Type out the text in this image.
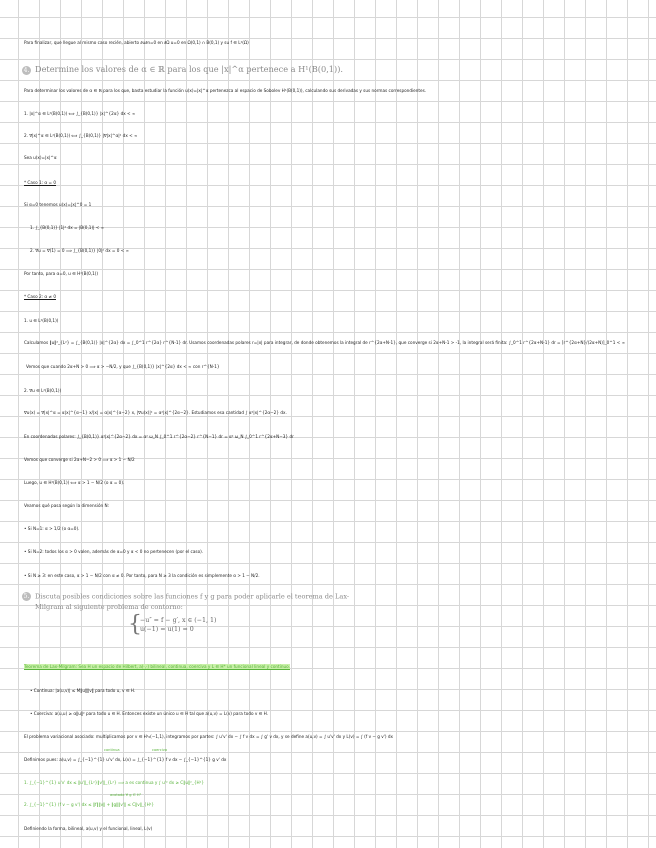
Para finalizar, que llegue al mismo caso recién, abierto ∂u∂n=0 en ∂Ω u=0 en Ω(0,1) ∩ B(0,1) y su f ∈ L²(Ω)
4. Determine los valores de α ∈ ℝ para los que |x|^α pertenece a H¹(B(0,1)).
Para determinar los valores de α ∈ ℝ para los que, basta estudiar la función u(x)=|x|^α pertenezca al espacio de Sobolev H¹(B(0,1)), calculando sus derivadas y sus normas correspondientes.
1. |x|^α ∈ L²(B(0,1)) ⟺ ∫_{B(0,1)} |x|^{2α} dx < ∞
2. ∇|x|^α ∈ L²(B(0,1)) ⟺ ∫_{B(0,1)} |∇|x|^α|² dx < ∞
Sea u(x)=|x|^α
* Caso 1: α = 0
Si α=0 tenemos u(x)=|x|^0 = 1
1. ∫_{B(0,1)} |1|² dx = |B(0,1)| < ∞
2. ∇u = ∇(1) = 0 ⟹ ∫_{B(0,1)} |0|² dx = 0 < ∞
Por tanto, para α=0, u ∈ H¹(B(0,1))
* Caso 2: α ≠ 0
1. u ∈ L²(B(0,1))
Calculamos ‖u‖²_{L²} = ∫_{B(0,1)} |x|^{2α} dx = ∫_0^1 r^{2α} r^{N-1} dr. Usamos coordenadas polares r=|x| para integrar, de donde obtenemos la integral de r^{2α+N-1}, que converge si 2α+N-1 > -1, la integral será finita: ∫_0^1 r^{2α+N-1} dr = [r^{2α+N}/(2α+N)]_0^1 < ∞
Vemos que cuando 2α+N > 0 ⟹ α > −N/2, y que ∫_{B(0,1)} |x|^{2α} dx < ∞ con r^{N-1}
2. ∇u ∈ L²(B(0,1))
∇u(x) = ∇|x|^α = α|x|^{α−1} x/|x| = α|x|^{α−2} x, |∇u(x)|² = α²|x|^{2α−2}. Estudiamos esa cantidad ∫ α²|x|^{2α−2} dx.
En coordenadas polares: ∫_{B(0,1)} α²|x|^{2α−2} dx = α² ω_N ∫_0^1 r^{2α−2} r^{N−1} dr = α² ω_N ∫_0^1 r^{2α+N−3} dr
Vemos que converge si 2α+N−2 > 0 ⟹ α > 1 − N/2
Luego, u ∈ H¹(B(0,1)) ⟺ α > 1 − N/2 (o α = 0).
Veamos qué pasa según la dimensión N:
• Si N=1: α > 1/2 (o α=0).
• Si N=2: todos los α > 0 valen, además de α=0 y α < 0 no pertenecen (por el caso).
• Si N ≥ 3: en este caso, α > 1 − N/2 con α ≠ 0. Por tanto, para N ≥ 3 la condición es simplemente α > 1 − N/2.
5. Discuta posibles condiciones sobre las funciones f y g para poder aplicarle el teorema de Lax-
Milgram al siguiente problema de contorno:
{
−u″ = f − g′, x ∈ (−1, 1)
u(−1) = u(1) = 0
Teorema de Lax-Milgram: Sea H un espacio de Hilbert, a(·,·) bilineal, continua, coerciva y L ∈ H* un funcional lineal y continuo.
• Continua: |a(u,v)| ≤ M‖u‖‖v‖ para todo u, v ∈ H.
• Coerciva: a(u,u) ≥ α‖u‖² para todo u ∈ H. Entonces existe un único u ∈ H tal que a(u,v) = L(v) para todo v ∈ H.
El problema variacional asociado: multiplicamos por v ∈ H¹₀(−1,1), integramos por partes: ∫ u'v' dx − ∫ f v dx = ∫ g' v dx, y se define a(u,v) = ∫ u'v' dx y L(v) = ∫ (f v − g v') dx
continua	coerciva
Definimos pues: a(u,v) = ∫_{−1}^{1} u'v' dx, L(v) = ∫_{−1}^{1} f v dx − ∫_{−1}^{1} g v' dx
1. ∫_{−1}^{1} u'v' dx ≤ ‖u'‖_{L²}‖v'‖_{L²} ⟹ a es continua y ∫ u'² dx ≥ C‖u‖²_{H¹}
acotada ∀ g ∈ H¹
2. ∫_{−1}^{1} (f v − g v') dx ≤ ‖f‖‖v‖ + ‖g‖‖v'‖ ≤ C‖v‖_{H¹}
Definiendo la forma, bilineal, a(u,v) y el funcional, lineal, L(v)
